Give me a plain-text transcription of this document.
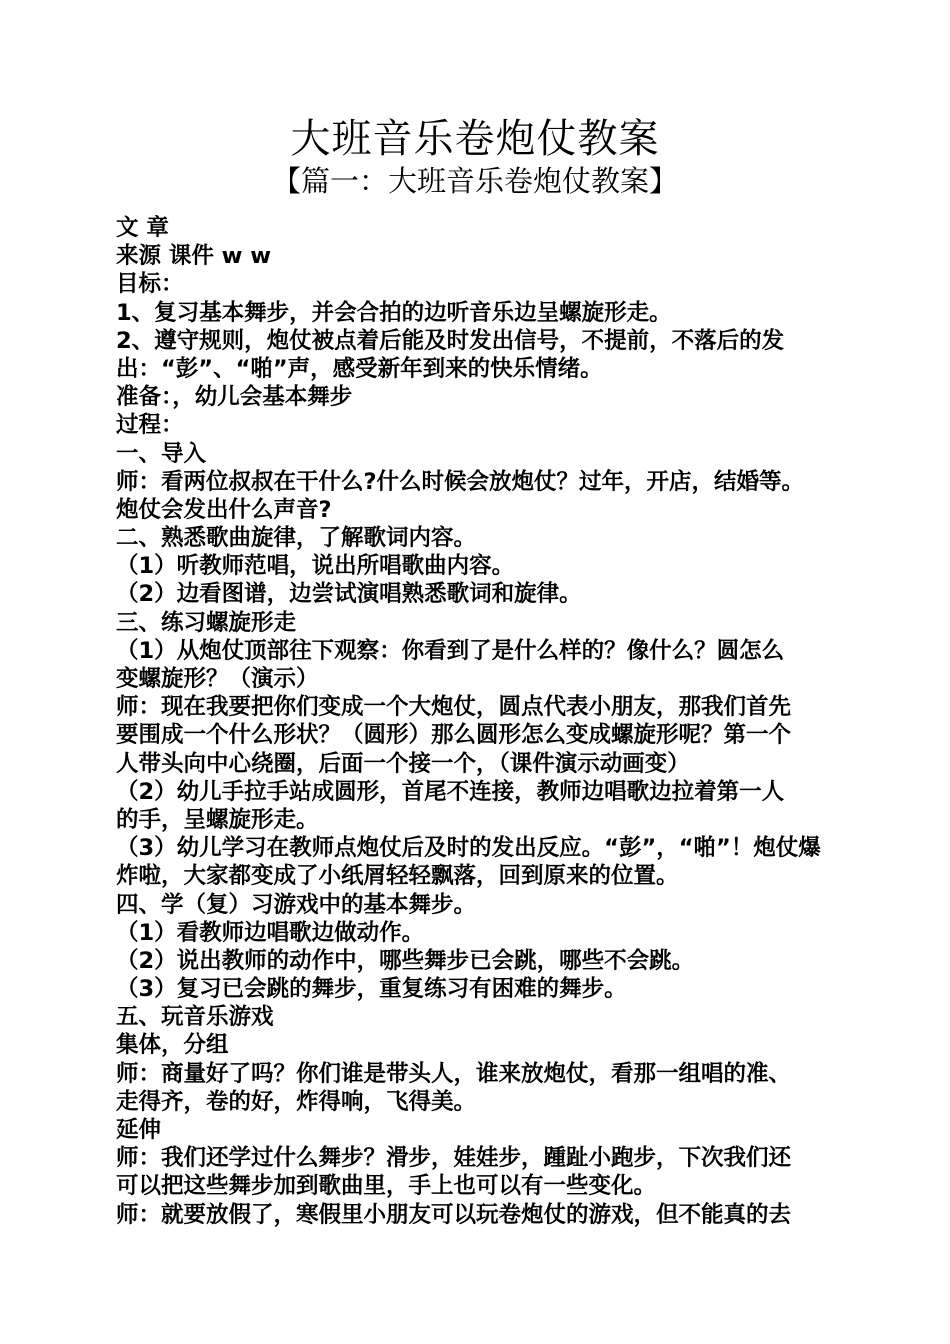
大班音乐卷炮仗教案
【篇一：大班音乐卷炮仗教案】
文 章
来源 课件 w w
目标：
1、复习基本舞步，并会合拍的边听音乐边呈螺旋形走。
2、遵守规则，炮仗被点着后能及时发出信号，不提前，不落后的发
出：“彭”、“啪”声，感受新年到来的快乐情绪。
准备：，幼儿会基本舞步
过程：
一、导入
师：看两位叔叔在干什么?什么时候会放炮仗？过年，开店，结婚等。
炮仗会发出什么声音?
二、熟悉歌曲旋律，了解歌词内容。
（1）听教师范唱，说出所唱歌曲内容。
（2）边看图谱，边尝试演唱熟悉歌词和旋律。
三、练习螺旋形走
（1）从炮仗顶部往下观察：你看到了是什么样的？像什么？圆怎么
变螺旋形？（演示）
师：现在我要把你们变成一个大炮仗，圆点代表小朋友，那我们首先
要围成一个什么形状？（圆形）那么圆形怎么变成螺旋形呢？第一个
人带头向中心绕圈，后面一个接一个，（课件演示动画变）
（2）幼儿手拉手站成圆形，首尾不连接，教师边唱歌边拉着第一人
的手，呈螺旋形走。
（3）幼儿学习在教师点炮仗后及时的发出反应。“彭”，“啪”！炮仗爆
炸啦，大家都变成了小纸屑轻轻飘落，回到原来的位置。
四、学（复）习游戏中的基本舞步。
（1）看教师边唱歌边做动作。
（2）说出教师的动作中，哪些舞步已会跳，哪些不会跳。
（3）复习已会跳的舞步，重复练习有困难的舞步。
五、玩音乐游戏
集体，分组
师：商量好了吗？你们谁是带头人，谁来放炮仗，看那一组唱的准、
走得齐，卷的好，炸得响，飞得美。
延伸
师：我们还学过什么舞步？滑步，娃娃步，踵趾小跑步，下次我们还
可以把这些舞步加到歌曲里，手上也可以有一些变化。
师：就要放假了，寒假里小朋友可以玩卷炮仗的游戏，但不能真的去
